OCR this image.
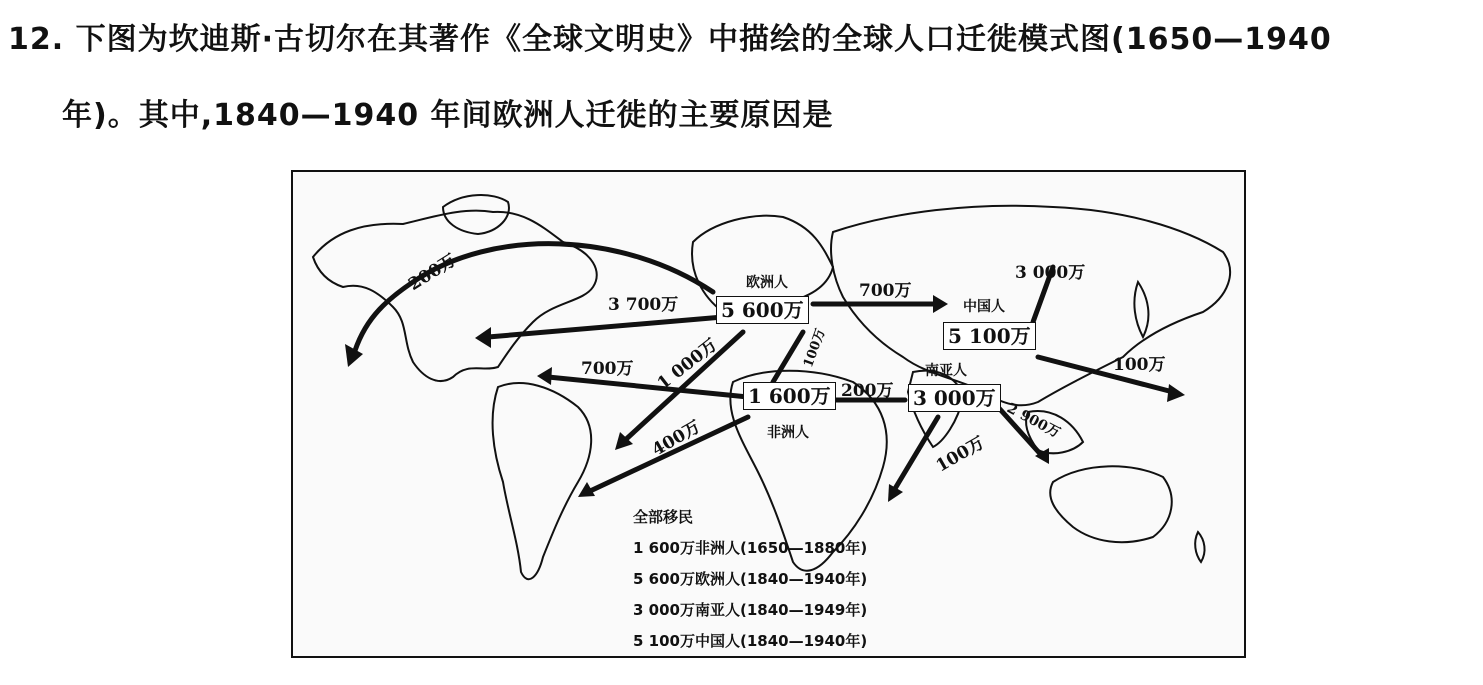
12. 下图为坎迪斯·古切尔在其著作《全球文明史》中描绘的全球人口迁徙模式图(1650—1940
年)。其中,1840—1940 年间欧洲人迁徙的主要原因是
5 600万
1 600万	3 000万
5 100万
欧洲人
非洲人
南亚人
中国人
200万
3 700万
700万
3 000万
700万 1 000万
400万
100万
200万
100万
2 900万
100万
全部移民
1 600万非洲人(1650—1880年)
5 600万欧洲人(1840—1940年)
3 000万南亚人(1840—1949年)
5 100万中国人(1840—1940年)
